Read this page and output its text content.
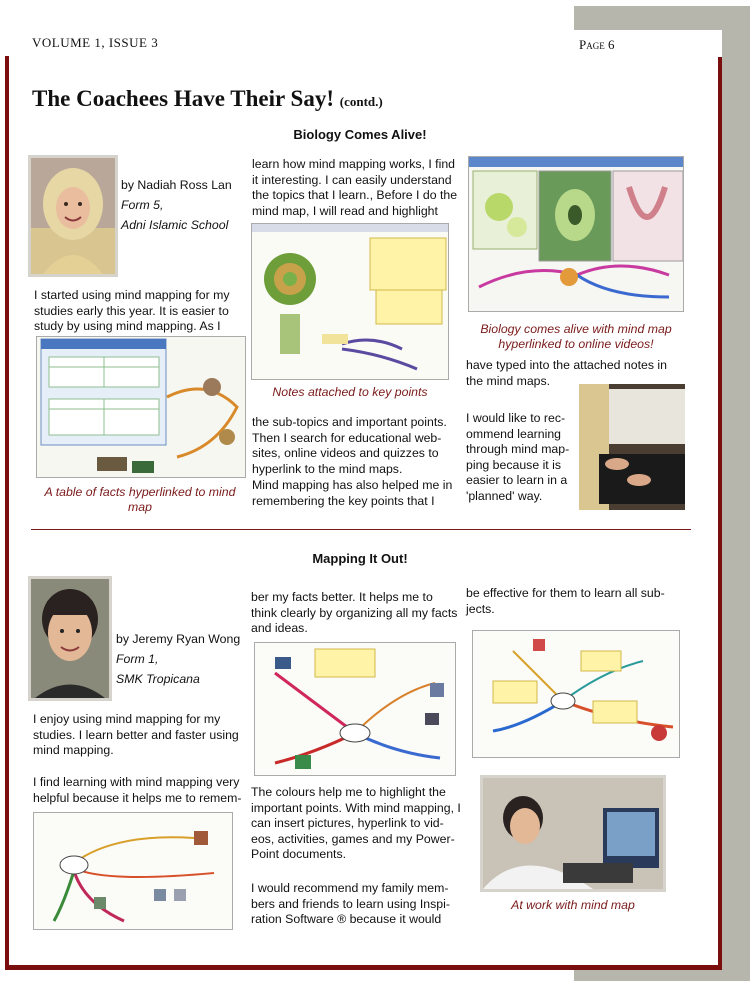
VOLUME 1, ISSUE 3	Page 6
The Coachees Have Their Say! (contd.)
Biology Comes Alive!
by Nadiah Ross Lan
Form 5,
Adni Islamic School
I started using mind mapping for my studies early this year. It is easier to study by using mind mapping. As I
A table of facts hyperlinked to mind map
learn how mind mapping works, I find it interesting. I can easily understand the topics that I learn., Before I do the mind map, I will read and highlight
Notes attached to key points
the sub-topics and important points. Then I search for educational web-sites, online videos and quizzes to hyperlink to the mind maps.
Mind mapping has also helped me in remembering the key points that I
Biology comes alive with mind map hyperlinked to online videos!
have typed into the attached notes in the mind maps.
I would like to rec-ommend learning through mind map-ping because it is easier to learn in a 'planned' way.
Mapping It Out!
by Jeremy Ryan Wong
Form 1,
SMK Tropicana
I enjoy using mind mapping for my studies. I learn better and faster using mind mapping.
I find learning with mind mapping very helpful because it helps me to remem-
ber my facts better. It helps me to think clearly by organizing all my facts and ideas.
The colours help me to highlight the important points. With mind mapping, I can insert pictures, hyperlink to vid-eos, activities, games and my Power-Point documents.
I would recommend my family mem-bers and friends to learn using Inspi-ration Software ® because it would
be effective for them to learn all sub-jects.
At work with mind map
